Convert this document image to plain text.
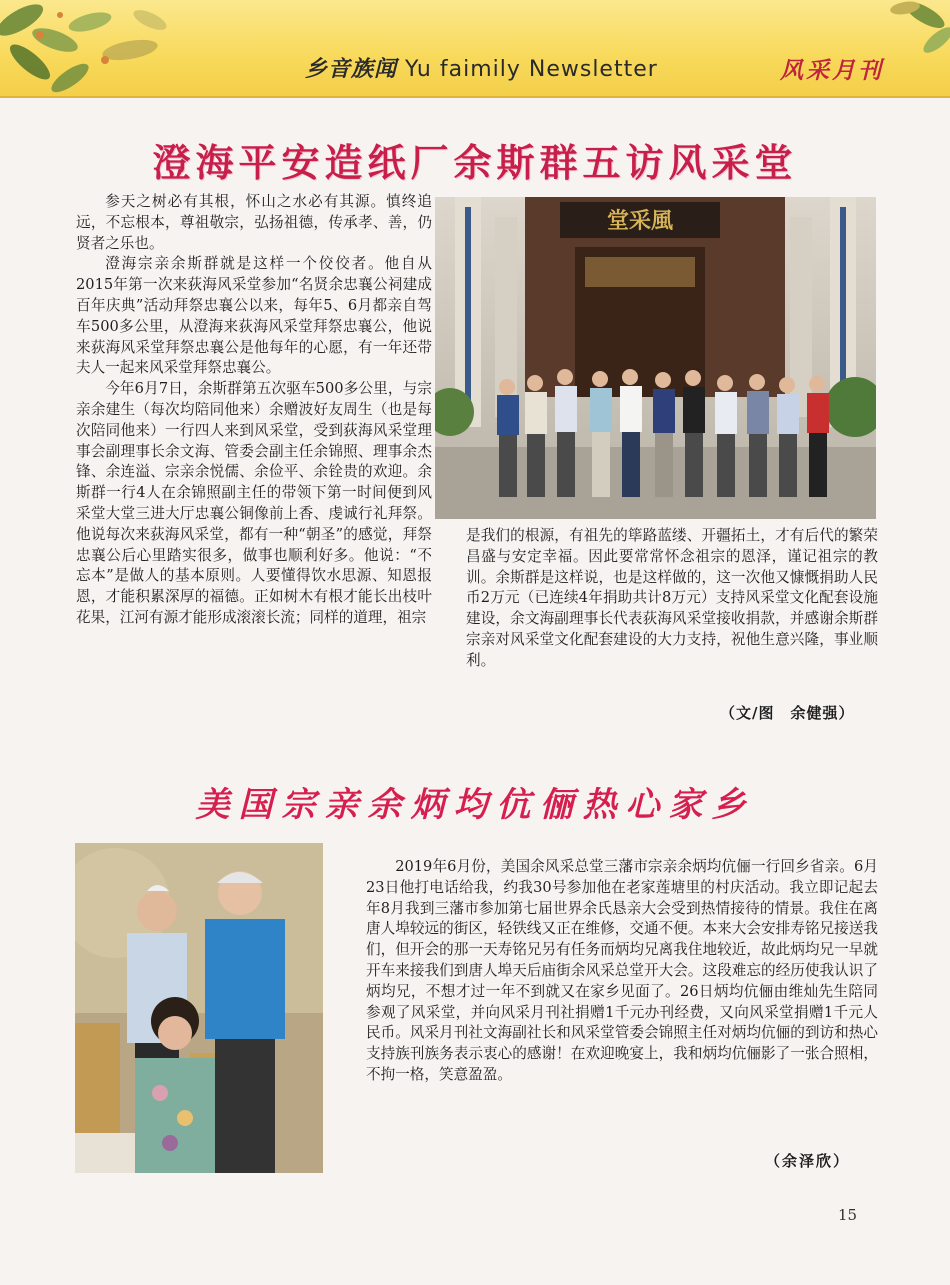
乡音族闻 Yu faimily Newsletter	风采月刊
澄海平安造纸厂余斯群五访风采堂

参天之树必有其根，怀山之水必有其源。慎终追远，不忘根本，尊祖敬宗，弘扬祖德，传承孝、善，仍贤者之乐也。

澄海宗亲余斯群就是这样一个佼佼者。他自从2015年第一次来荻海风采堂参加“名贤余忠襄公祠建成百年庆典”活动拜祭忠襄公以来，每年5、6月都亲自驾车500多公里，从澄海来荻海风采堂拜祭忠襄公，他说来荻海风采堂拜祭忠襄公是他每年的心愿，有一年还带夫人一起来风采堂拜祭忠襄公。

今年6月7日，余斯群第五次驱车500多公里，与宗亲余建生（每次均陪同他来）余赠波好友周生（也是每次陪同他来）一行四人来到风采堂，受到荻海风采堂理事会副理事长余文海、管委会副主任余锦照、理事余杰锋、余连溢、宗亲余悦儒、余俭平、余铨贵的欢迎。余斯群一行4人在余锦照副主任的带领下第一时间便到风采堂大堂三进大厅忠襄公铜像前上香、虔诚行礼拜祭。他说每次来荻海风采堂，都有一种“朝圣”的感觉，拜祭忠襄公后心里踏实很多，做事也顺利好多。他说：“不忘本”是做人的基本原则。人要懂得饮水思源、知恩报恩，才能积累深厚的福德。正如树木有根才能长出枝叶花果，江河有源才能形成滚滚长流；同样的道理，祖宗

堂采風

是我们的根源，有祖先的筚路蓝缕、开疆拓土，才有后代的繁荣昌盛与安定幸福。因此要常常怀念祖宗的恩泽，谨记祖宗的教训。余斯群是这样说，也是这样做的，这一次他又慷慨捐助人民币2万元（已连续4年捐助共计8万元）支持风采堂文化配套设施建设，余文海副理事长代表荻海风采堂接收捐款，并感谢余斯群宗亲对风采堂文化配套建设的大力支持，祝他生意兴隆，事业顺利。

（文/图　余健强）
美国宗亲余炳均伉俪热心家乡

2019年6月份，美国余风采总堂三藩市宗亲余炳均伉俪一行回乡省亲。6月23日他打电话给我，约我30号参加他在老家莲塘里的村庆活动。我立即记起去年8月我到三藩市参加第七届世界余氏恳亲大会受到热情接待的情景。我住在离唐人埠较远的街区，轻铁线又正在维修，交通不便。本来大会安排寿铭兄接送我们，但开会的那一天寿铭兄另有任务而炳均兄离我住地较近，故此炳均兄一早就开车来接我们到唐人埠天后庙街余风采总堂开大会。这段难忘的经历使我认识了炳均兄，不想才过一年不到就又在家乡见面了。26日炳均伉俪由维灿先生陪同参观了风采堂，并向风采月刊社捐赠1千元办刊经费，又向风采堂捐赠1千元人民币。风采月刊社文海副社长和风采堂管委会锦照主任对炳均伉俪的到访和热心支持族刊族务表示衷心的感谢！在欢迎晚宴上，我和炳均伉俪影了一张合照相，不拘一格，笑意盈盈。

（余泽欣）
15
